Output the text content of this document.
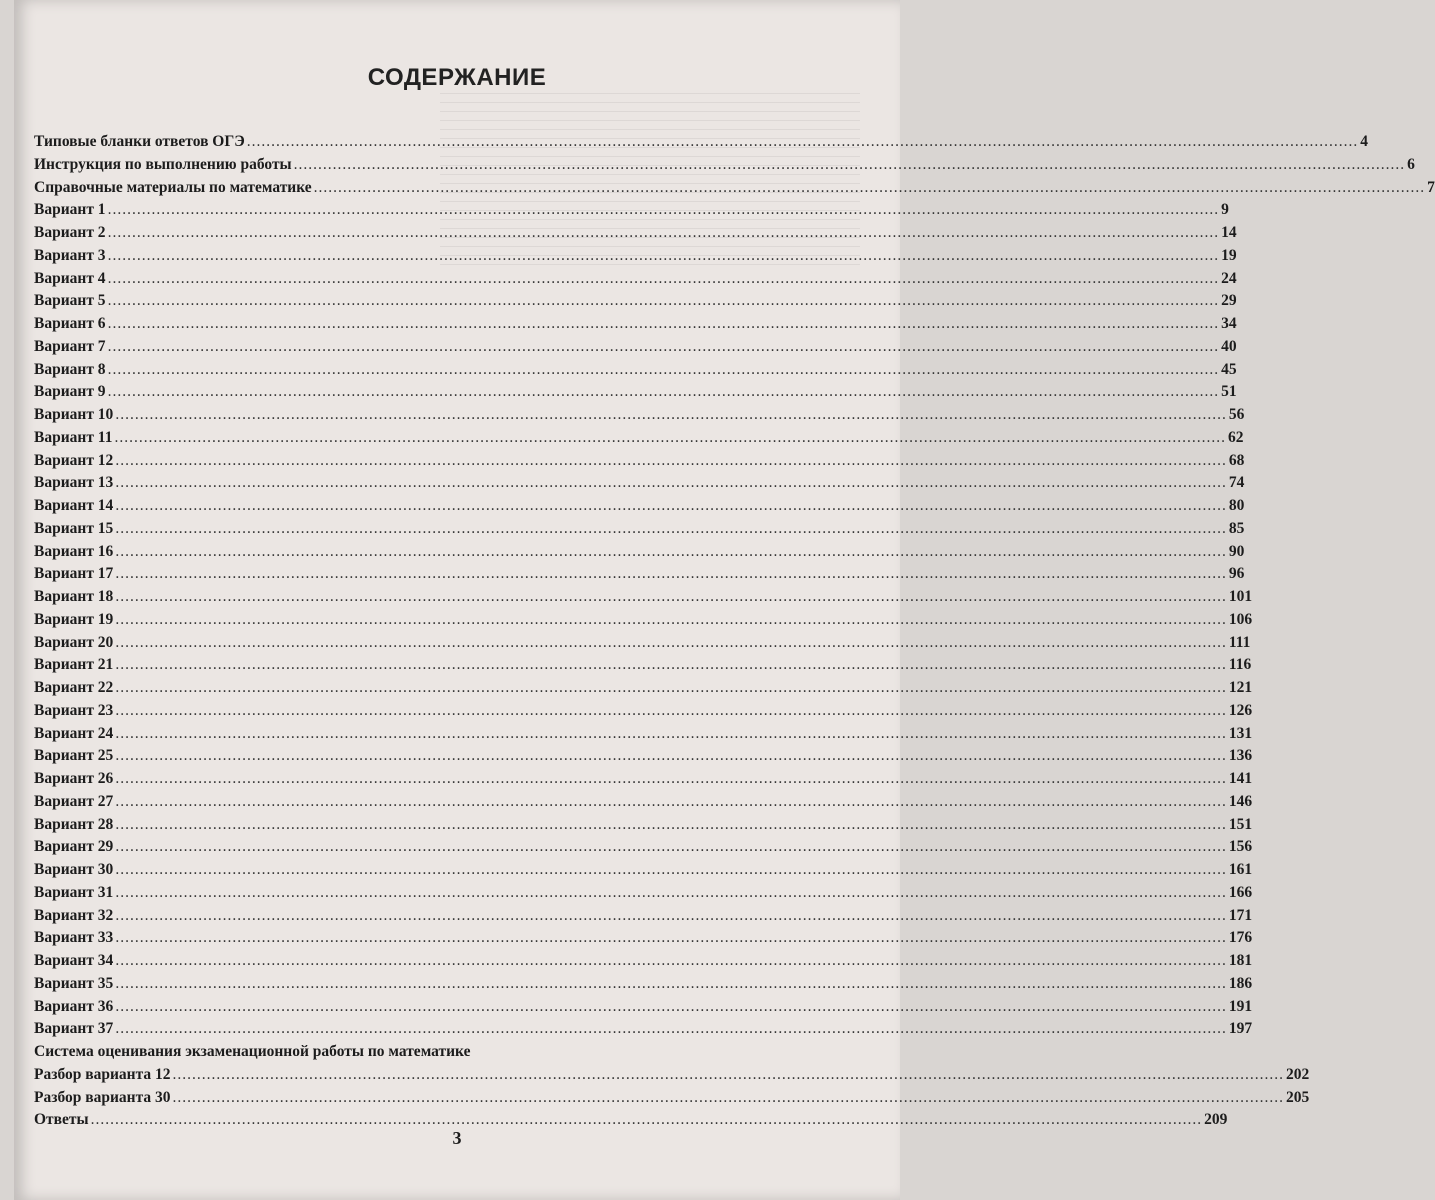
СОДЕРЖАНИЕ
Типовые бланки ответов ОГЭ .....	4
Инструкция по выполнению работы .....	6
Справочные материалы по математике .....	7
Вариант 1 .....	9
Вариант 2 .....	14
Вариант 3 .....	19
Вариант 4 .....	24
Вариант 5 .....	29
Вариант 6 .....	34
Вариант 7 .....	40
Вариант 8 .....	45
Вариант 9 .....	51
Вариант 10 .....	56
Вариант 11 .....	62
Вариант 12 .....	68
Вариант 13 .....	74
Вариант 14 .....	80
Вариант 15 .....	85
Вариант 16 .....	90
Вариант 17 .....	96
Вариант 18 .....	101
Вариант 19 .....	106
Вариант 20 .....	111
Вариант 21 .....	116
Вариант 22 .....	121
Вариант 23 .....	126
Вариант 24 .....	131
Вариант 25 .....	136
Вариант 26 .....	141
Вариант 27 .....	146
Вариант 28 .....	151
Вариант 29 .....	156
Вариант 30 .....	161
Вариант 31 .....	166
Вариант 32 .....	171
Вариант 33 .....	176
Вариант 34 .....	181
Вариант 35 .....	186
Вариант 36 .....	191
Вариант 37 .....	197
Система оценивания экзаменационной работы по математике
Разбор варианта 12 .....	202
Разбор варианта 30 .....	205
Ответы .....	209
3
